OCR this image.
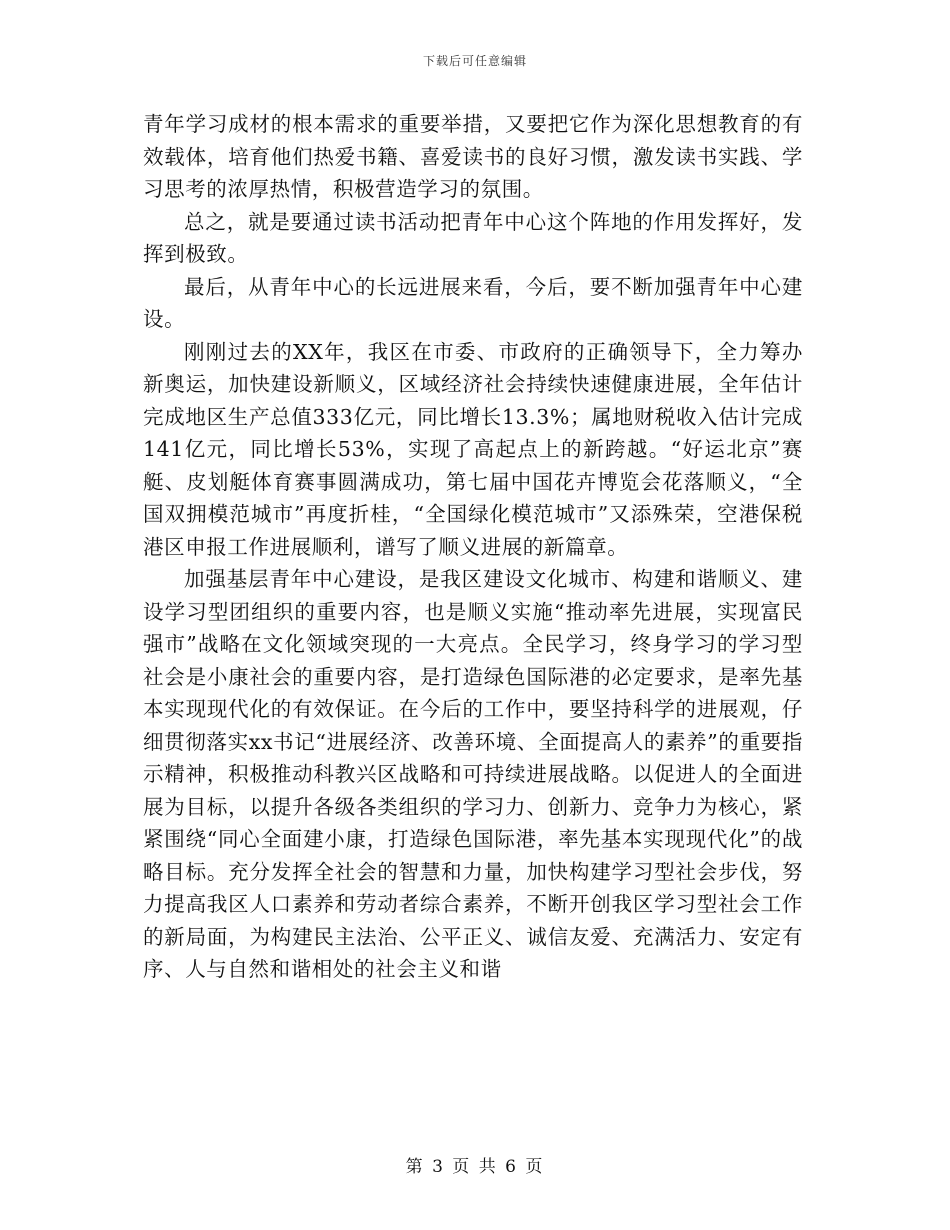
下载后可任意编辑

青年学习成材的根本需求的重要举措，又要把它作为深化思想教育的有效载体，培育他们热爱书籍、喜爱读书的良好习惯，激发读书实践、学习思考的浓厚热情，积极营造学习的氛围。

总之，就是要通过读书活动把青年中心这个阵地的作用发挥好，发挥到极致。

最后，从青年中心的长远进展来看，今后，要不断加强青年中心建设。

刚刚过去的XX年，我区在市委、市政府的正确领导下，全力筹办新奥运，加快建设新顺义，区域经济社会持续快速健康进展，全年估计完成地区生产总值333亿元，同比增长13.3%；属地财税收入估计完成141亿元，同比增长53%，实现了高起点上的新跨越。“好运北京”赛艇、皮划艇体育赛事圆满成功，第七届中国花卉博览会花落顺义，“全国双拥模范城市”再度折桂，“全国绿化模范城市”又添殊荣，空港保税港区申报工作进展顺利，谱写了顺义进展的新篇章。

加强基层青年中心建设，是我区建设文化城市、构建和谐顺义、建设学习型团组织的重要内容，也是顺义实施“推动率先进展，实现富民强市”战略在文化领域突现的一大亮点。全民学习，终身学习的学习型社会是小康社会的重要内容，是打造绿色国际港的必定要求，是率先基本实现现代化的有效保证。在今后的工作中，要坚持科学的进展观，仔细贯彻落实xx书记“进展经济、改善环境、全面提高人的素养”的重要指示精神，积极推动科教兴区战略和可持续进展战略。以促进人的全面进展为目标，以提升各级各类组织的学习力、创新力、竞争力为核心，紧紧围绕“同心全面建小康，打造绿色国际港，率先基本实现现代化”的战略目标。充分发挥全社会的智慧和力量，加快构建学习型社会步伐，努力提高我区人口素养和劳动者综合素养，不断开创我区学习型社会工作的新局面，为构建民主法治、公平正义、诚信友爱、充满活力、安定有序、人与自然和谐相处的社会主义和谐

第 3 页 共 6 页
